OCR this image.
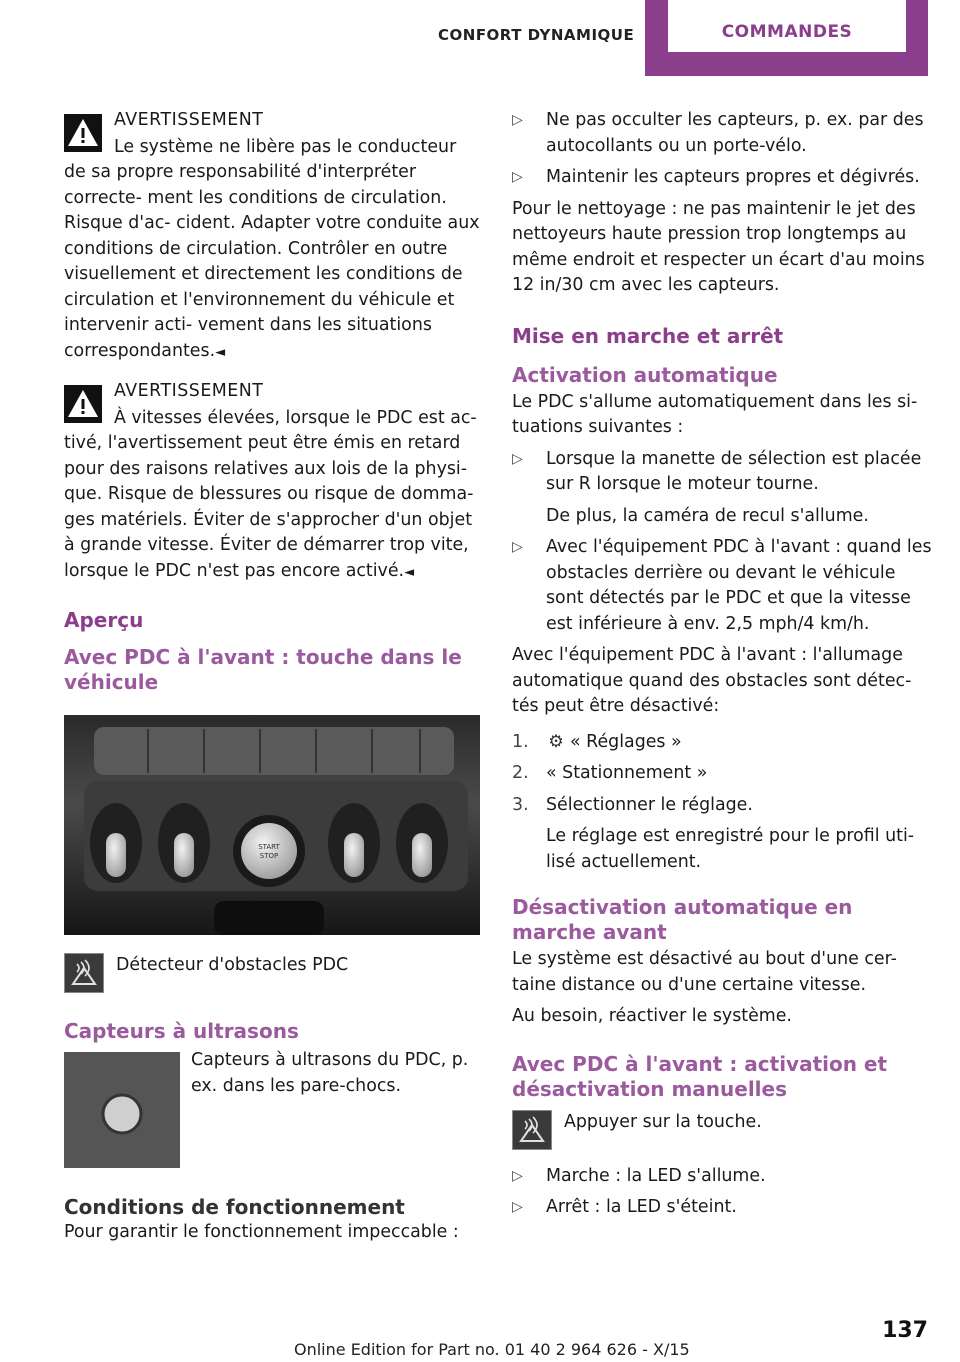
CONFORT DYNAMIQUE	COMMANDES
AVERTISSEMENT

Le système ne libère pas le conducteur de sa propre responsabilité d'interpréter correcte- ment les conditions de circulation. Risque d'ac- cident. Adapter votre conduite aux conditions de circulation. Contrôler en outre visuellement et directement les conditions de circulation et l'environnement du véhicule et intervenir acti- vement dans les situations correspondantes.◄

AVERTISSEMENT

À vitesses élevées, lorsque le PDC est ac- tivé, l'avertissement peut être émis en retard pour des raisons relatives aux lois de la physi- que. Risque de blessures ou risque de domma- ges matériels. Éviter de s'approcher d'un objet à grande vitesse. Éviter de démarrer trop vite, lorsque le PDC n'est pas encore activé.◄

Aperçu
Avec PDC à l'avant : touche dans le véhicule
START
STOP
Détecteur d'obstacles PDC
Capteurs à ultrasons
Capteurs à ultrasons du PDC, p. ex. dans les pare-chocs.
Conditions de fonctionnement

Pour garantir le fonctionnement impeccable :

▷ Ne pas occulter les capteurs, p. ex. par des autocollants ou un porte-vélo.
▷ Maintenir les capteurs propres et dégivrés.

Pour le nettoyage : ne pas maintenir le jet des nettoyeurs haute pression trop longtemps au même endroit et respecter un écart d'au moins 12 in/30 cm avec les capteurs.

Mise en marche et arrêt
Activation automatique

Le PDC s'allume automatiquement dans les si- tuations suivantes :

▷ Lorsque la manette de sélection est placée sur R lorsque le moteur tourne.
De plus, la caméra de recul s'allume.
▷ Avec l'équipement PDC à l'avant : quand les obstacles derrière ou devant le véhicule sont détectés par le PDC et que la vitesse est inférieure à env. 2,5 mph/4 km/h.

Avec l'équipement PDC à l'avant : l'allumage automatique quand des obstacles sont détec- tés peut être désactivé:

1. ⚙ « Réglages »
2. « Stationnement »
3. Sélectionner le réglage.
Le réglage est enregistré pour le profil uti- lisé actuellement.
Désactivation automatique en marche avant

Le système est désactivé au bout d'une cer- taine distance ou d'une certaine vitesse.

Au besoin, réactiver le système.

Avec PDC à l'avant : activation et désactivation manuelles
Appuyer sur la touche.
▷ Marche : la LED s'allume.
▷ Arrêt : la LED s'éteint.
137
Online Edition for Part no. 01 40 2 964 626 - X/15
